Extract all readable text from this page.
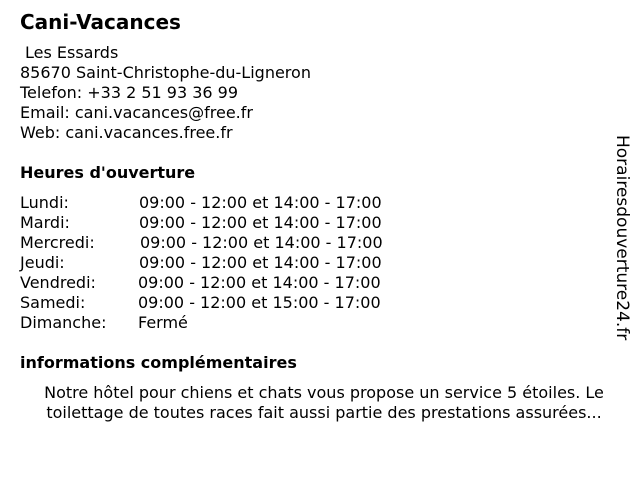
Cani-Vacances
Les Essards
85670 Saint-Christophe-du-Ligneron
Telefon: +33 2 51 93 36 99
Email: cani.vacances@free.fr
Web: cani.vacances.free.fr
Heures d'ouverture
Lundi:	09:00 - 12:00 et 14:00 - 17:00
Mardi:	09:00 - 12:00 et 14:00 - 17:00
Mercredi:	09:00 - 12:00 et 14:00 - 17:00
Jeudi:	09:00 - 12:00 et 14:00 - 17:00
Vendredi:	09:00 - 12:00 et 14:00 - 17:00
Samedi:	09:00 - 12:00 et 15:00 - 17:00
Dimanche: Fermé
informations complémentaires
Notre hôtel pour chiens et chats vous propose un service 5 étoiles. Le toilettage de toutes races fait aussi partie des prestations assurées...
Horairesdouverture24.fr
